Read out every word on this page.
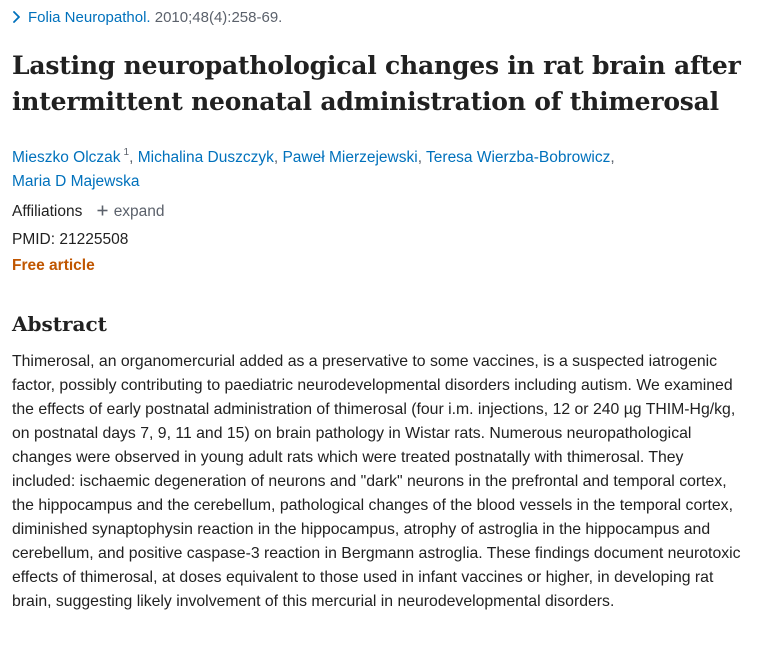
Folia Neuropathol. 2010;48(4):258-69.
Lasting neuropathological changes in rat brain after intermittent neonatal administration of thimerosal
Mieszko Olczak $^1$, Michalina Duszczyk, Paweł Mierzejewski, Teresa Wierzba-Bobrowicz,
Maria D Majewska
Affiliations expand
PMID: 21225508
Free article
Abstract

Thimerosal, an organomercurial added as a preservative to some vaccines, is a suspected iatrogenic factor, possibly contributing to paediatric neurodevelopmental disorders including autism. We examined the effects of early postnatal administration of thimerosal (four i.m. injections, 12 or 240 µg THIM-Hg/kg, on postnatal days 7, 9, 11 and 15) on brain pathology in Wistar rats. Numerous neuropathological changes were observed in young adult rats which were treated postnatally with thimerosal. They included: ischaemic degeneration of neurons and "dark" neurons in the prefrontal and temporal cortex, the hippocampus and the cerebellum, pathological changes of the blood vessels in the temporal cortex, diminished synaptophysin reaction in the hippocampus, atrophy of astroglia in the hippocampus and cerebellum, and positive caspase-3 reaction in Bergmann astroglia. These findings document neurotoxic effects of thimerosal, at doses equivalent to those used in infant vaccines or higher, in developing rat brain, suggesting likely involvement of this mercurial in neurodevelopmental disorders.
